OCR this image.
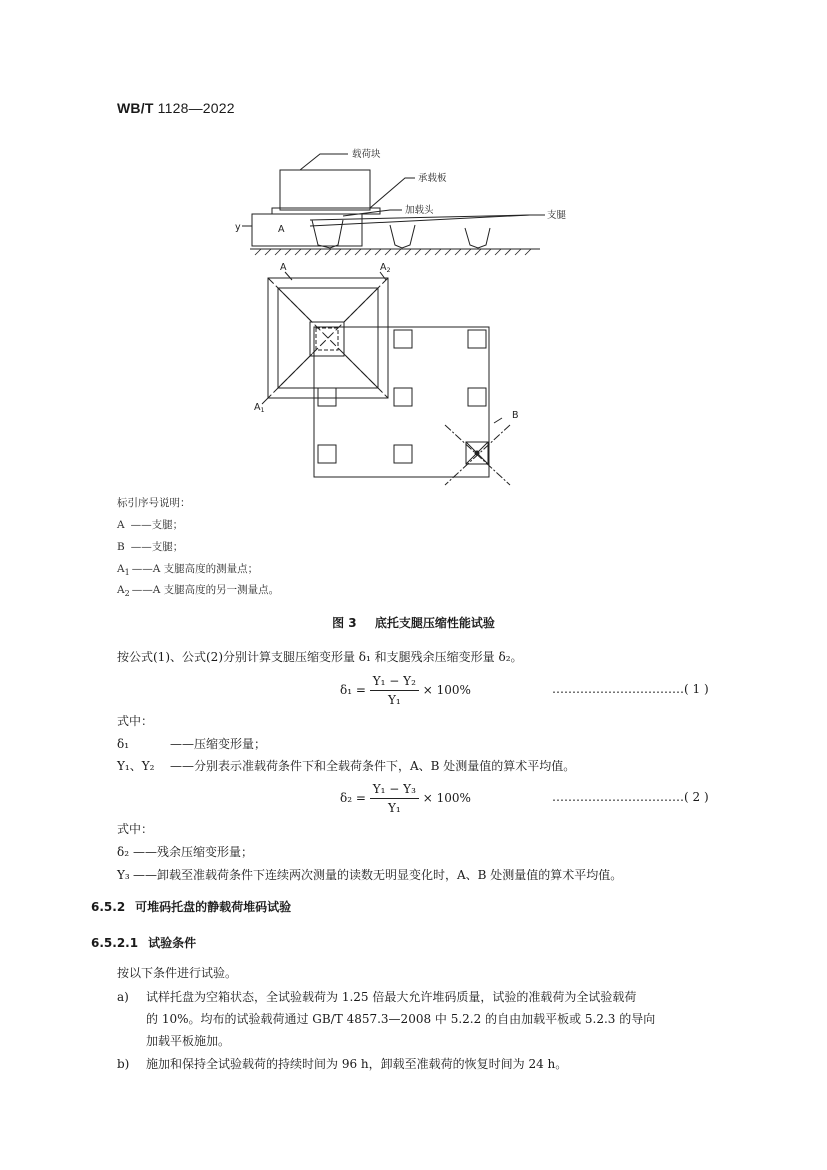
WB/T 1128—2022
载荷块
承载板
加载头	支腿
A
y
A	$A_2$
$A_1$	B
标引序号说明：
A ——支腿；
B ——支腿；
$A_1$ ——A 支腿高度的测量点；
$A_2$ ——A 支腿高度的另一测量点。
图 3 底托支腿压缩性能试验
按公式(1)、公式(2)分别计算支腿压缩变形量 δ₁ 和支腿残余压缩变形量 δ₂。
$\delta_1 = \frac{\text{Y₁ − Y₂}}{\text{Y₁}} \times 100\%$	……………………………( 1 )
式中：
δ₁	——压缩变形量；
Y₁、Y₂ ——分别表示准载荷条件下和全载荷条件下，A、B 处测量值的算术平均值。
$\delta_2 = \frac{\text{Y₁ − Y₃}}{\text{Y₁}} \times 100\%$	……………………………( 2 )
式中：
δ₂ ——残余压缩变形量；
Y₃ ——卸载至准载荷条件下连续两次测量的读数无明显变化时，A、B 处测量值的算术平均值。
6.5.2 可堆码托盘的静载荷堆码试验
6.5.2.1 试验条件
按以下条件进行试验。
a) 试样托盘为空箱状态，全试验载荷为 1.25 倍最大允许堆码质量，试验的准载荷为全试验载荷
的 10%。均布的试验载荷通过 GB/T 4857.3—2008 中 5.2.2 的自由加载平板或 5.2.3 的导向
加载平板施加。
b) 施加和保持全试验载荷的持续时间为 96 h，卸载至准载荷的恢复时间为 24 h。
